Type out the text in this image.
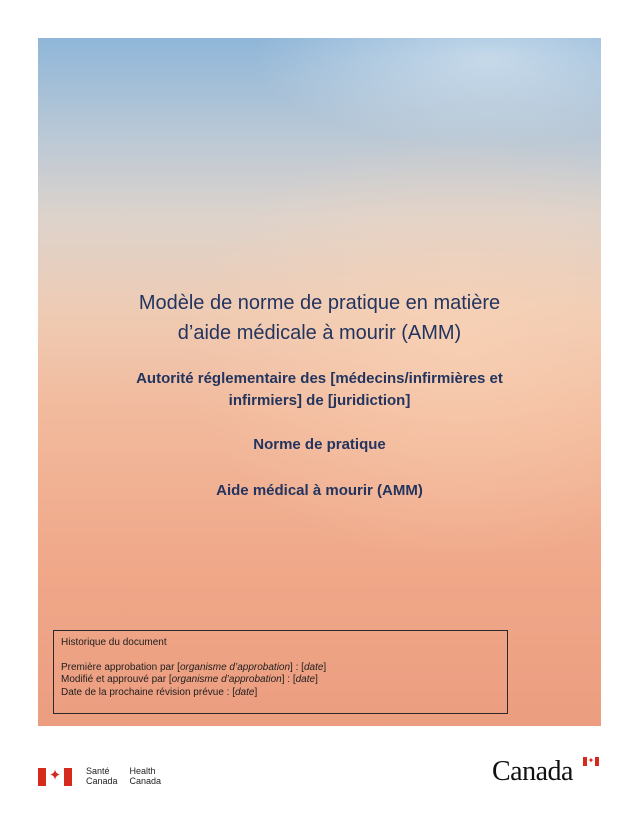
Modèle de norme de pratique en matière
d’aide médicale à mourir (AMM)
Autorité réglementaire des [médecins/infirmières et
infirmiers] de [juridiction]
Norme de pratique
Aide médical à mourir (AMM)
Historique du document
Première approbation par [organisme d’approbation] : [date]
Modifié et approuvé par [organisme d’approbation] : [date]
Date de la prochaine révision prévue : [date]
✦	Santé
Canada
Health
Canada	Canada ✦
